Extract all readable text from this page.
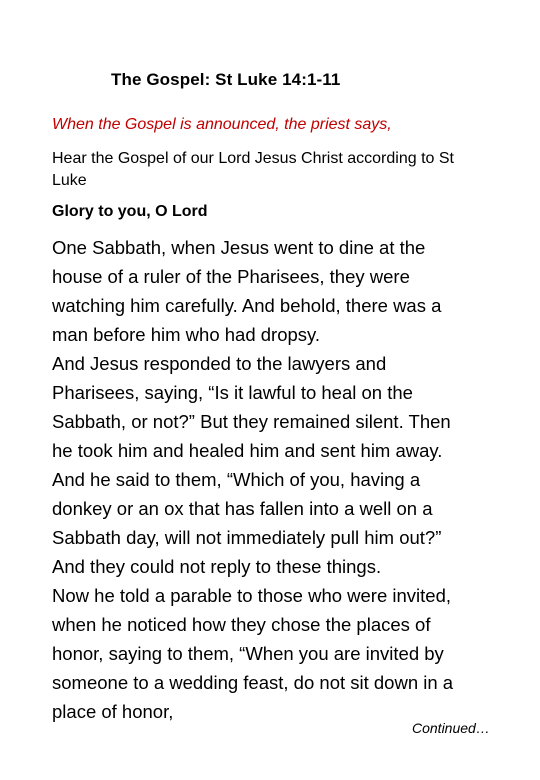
The Gospel: St Luke 14:1-11
When the Gospel is announced, the priest says,
Hear the Gospel of our Lord Jesus Christ according to St
Luke
Glory to you, O Lord

One Sabbath, when Jesus went to dine at the

house of a ruler of the Pharisees, they were

watching him carefully. And behold, there was a

man before him who had dropsy.

And Jesus responded to the lawyers and

Pharisees, saying, “Is it lawful to heal on the

Sabbath, or not?” But they remained silent. Then

he took him and healed him and sent him away.

And he said to them, “Which of you, having a

donkey or an ox that has fallen into a well on a

Sabbath day, will not immediately pull him out?”

And they could not reply to these things.

Now he told a parable to those who were invited,

when he noticed how they chose the places of

honor, saying to them, “When you are invited by

someone to a wedding feast, do not sit down in a

place of honor,

Continued…
